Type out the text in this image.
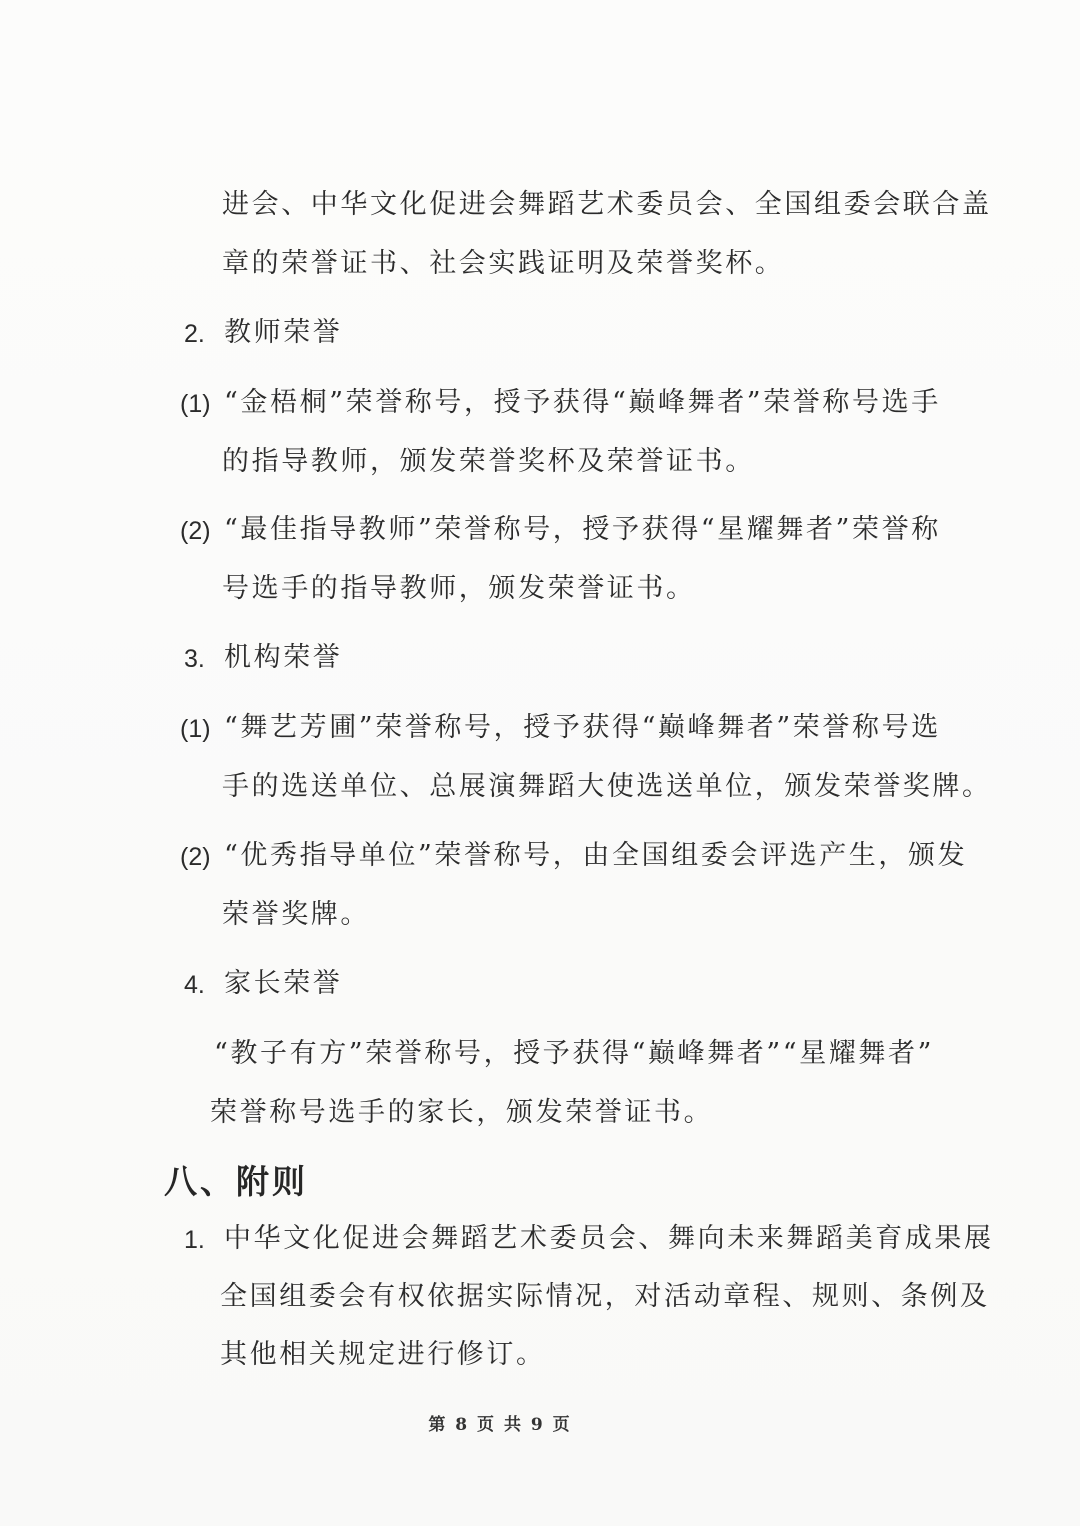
进会、中华文化促进会舞蹈艺术委员会、全国组委会联合盖
章的荣誉证书、社会实践证明及荣誉奖杯。
2. 教师荣誉
(1) “金梧桐”荣誉称号，授予获得“巅峰舞者”荣誉称号选手
的指导教师，颁发荣誉奖杯及荣誉证书。
(2) “最佳指导教师”荣誉称号，授予获得“星耀舞者”荣誉称
号选手的指导教师，颁发荣誉证书。
3. 机构荣誉
(1) “舞艺芳圃”荣誉称号，授予获得“巅峰舞者”荣誉称号选
手的选送单位、总展演舞蹈大使选送单位，颁发荣誉奖牌。
(2) “优秀指导单位”荣誉称号，由全国组委会评选产生，颁发
荣誉奖牌。
4. 家长荣誉
“教子有方”荣誉称号，授予获得“巅峰舞者”“星耀舞者”
荣誉称号选手的家长，颁发荣誉证书。
八、附则
1. 中华文化促进会舞蹈艺术委员会、舞向未来舞蹈美育成果展
全国组委会有权依据实际情况，对活动章程、规则、条例及
其他相关规定进行修订。
第 8 页 共 9 页
